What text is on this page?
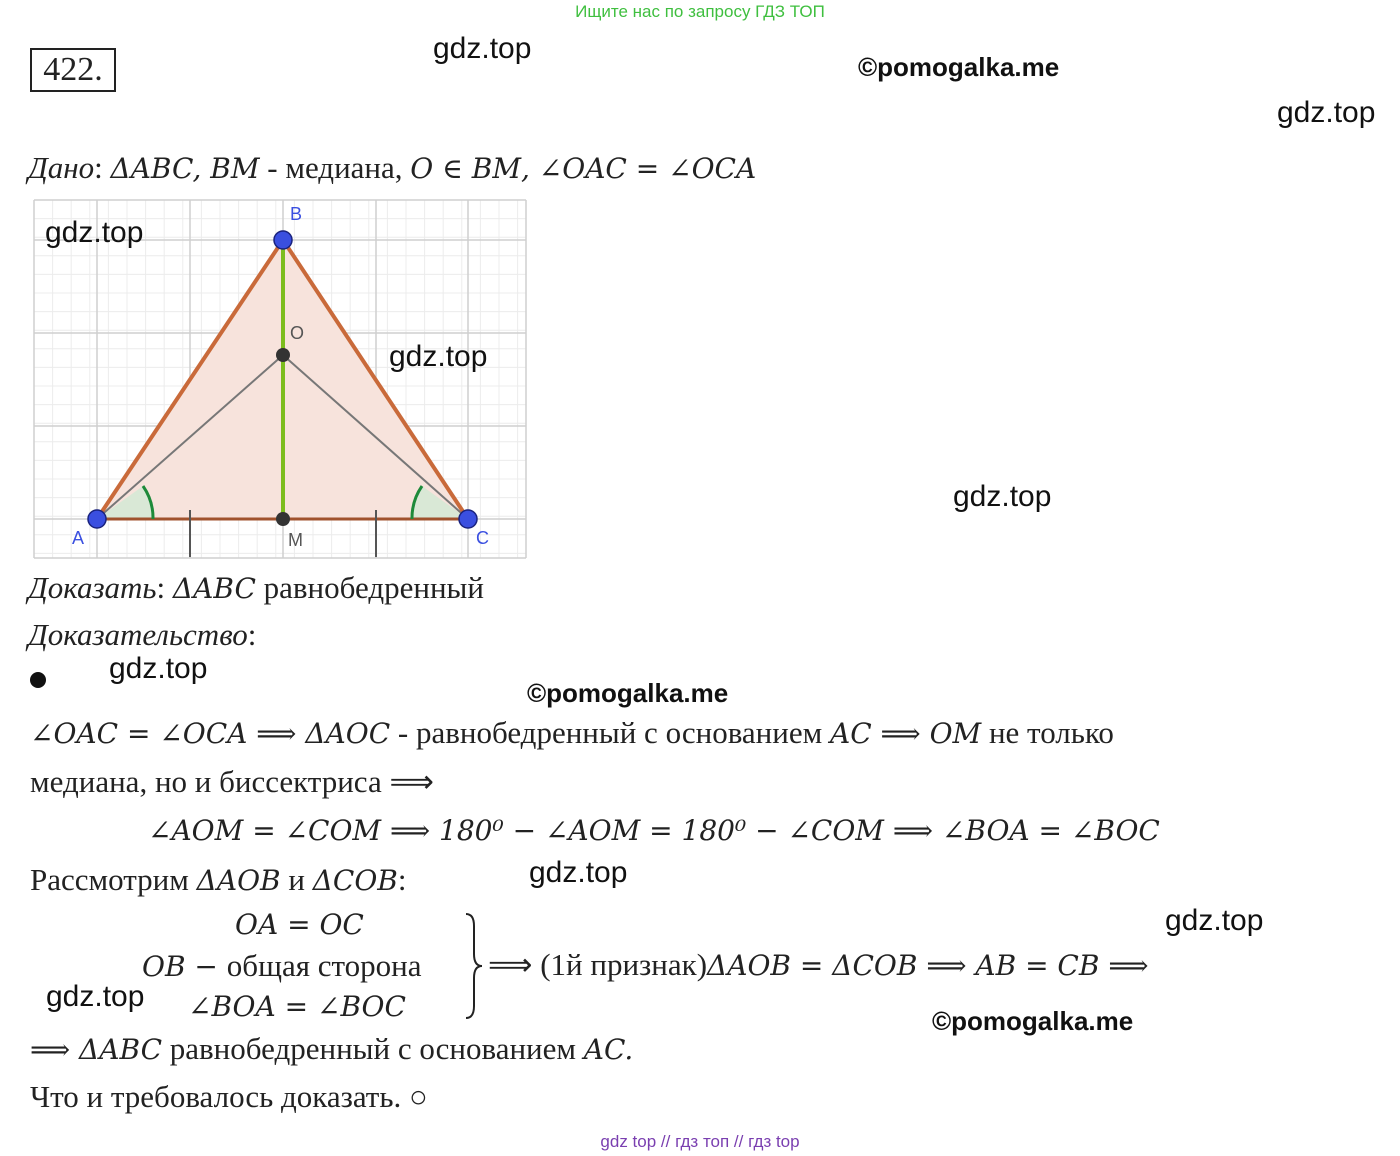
Ищите нас по запросу ГДЗ ТОП
422.
gdz.top
©pomogalka.me
gdz.top
Дано: ΔABC, BM - медиана, O ∈ BM, ∠OAC = ∠OCA
A
B
C
O
M
gdz.top
gdz.top
gdz.top
Доказать: ΔABC равнобедренный
Доказательство:
gdz.top
©pomogalka.me
∠OAC = ∠OCA ⟹ ΔAOC - равнобедренный с основанием AC ⟹ OM не только
медиана, но и биссектриса ⟹
∠AOM = ∠COM ⟹ 180⁰ − ∠AOM = 180⁰ − ∠COM ⟹ ∠BOA = ∠BOC
Рассмотрим ΔAOB и ΔCOB:	gdz.top
gdz.top
OA = OC
OB − общая сторона
∠BOA = ∠BOC
⟹ (1й признак)ΔAOB = ΔCOB ⟹ AB = CB ⟹
gdz.top
©pomogalka.me
⟹ ΔABC равнобедренный с основанием AC.
Что и требовалось доказать. ○
gdz top // гдз топ // гдз top
